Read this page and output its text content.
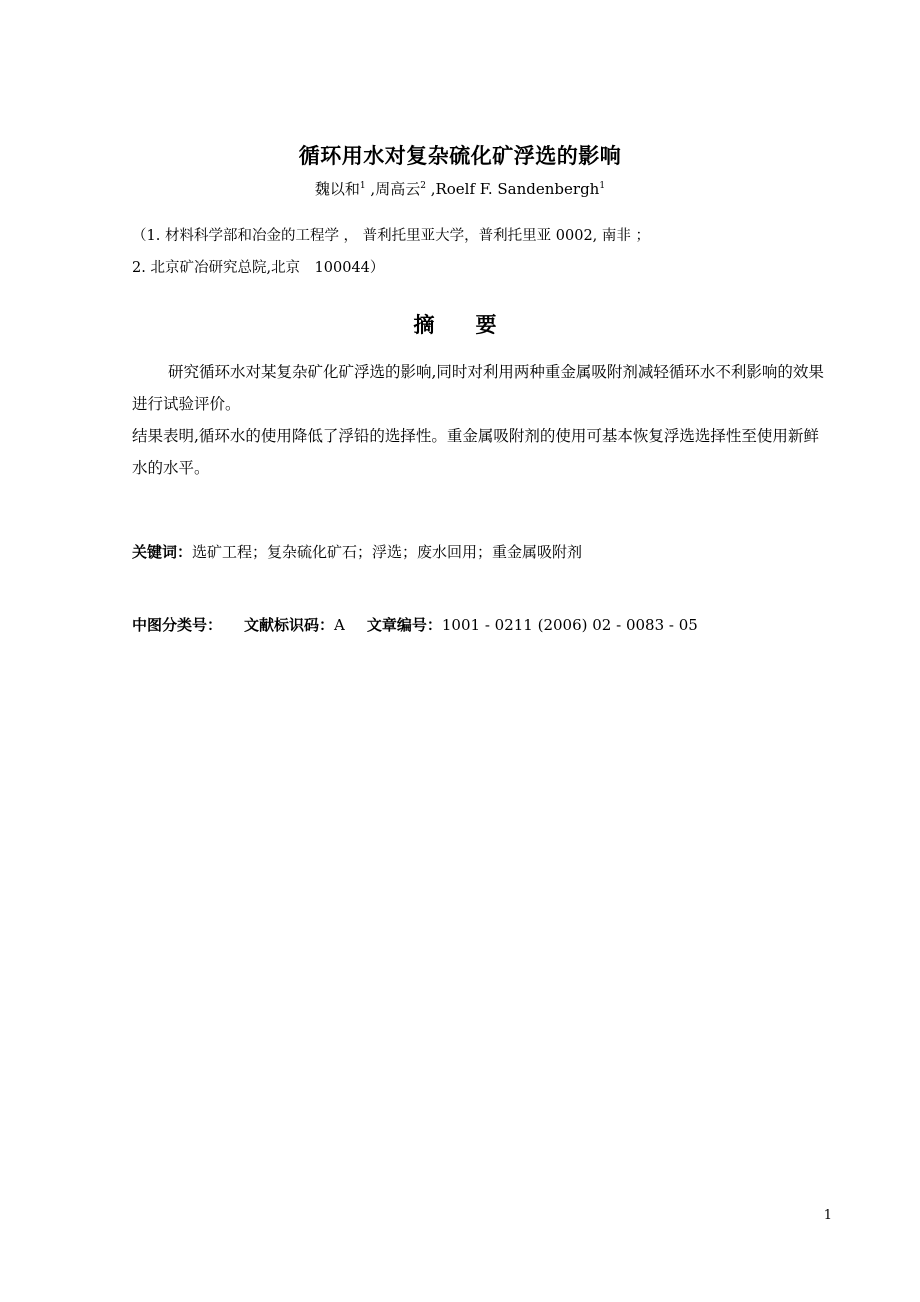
循环用水对复杂硫化矿浮选的影响
魏以和$^1$ ,周高云$^2$ ,Roelf F. Sandenbergh$^1$
（1. 材料科学部和冶金的工程学 ， 普利托里亚大学，普利托里亚 0002, 南非 ；
2. 北京矿冶研究总院,北京　100044）
摘　要

研究循环水对某复杂矿化矿浮选的影响,同时对利用两种重金属吸附剂减轻循环水不利影响的效果进行试验评价。

结果表明,循环水的使用降低了浮铅的选择性。重金属吸附剂的使用可基本恢复浮选选择性至使用新鲜水的水平。

关键词：选矿工程；复杂硫化矿石；浮选；废水回用；重金属吸附剂
中图分类号： 文献标识码：A 文章编号：1001 - 0211 (2006) 02 - 0083 - 05
1
